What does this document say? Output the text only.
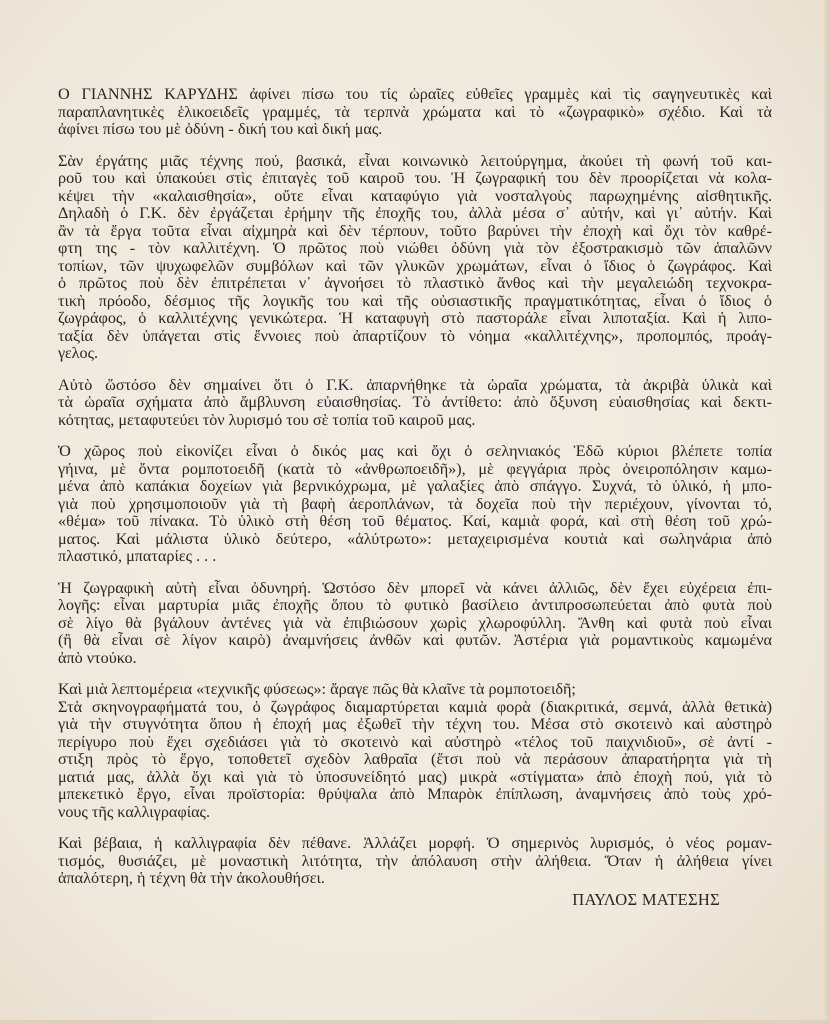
Ο ΓΙΑΝΝΗΣ ΚΑΡΥΔΗΣ ἀφίνει πίσω του τίς ὡραῖες εὐθεῖες γραμμὲς καὶ τὶς σαγηνευτικὲς καὶ
παραπλανητικὲς ἑλικοειδεῖς γραμμές, τὰ τερπνὰ χρώματα καὶ τὸ «ζωγραφικὸ» σχέδιο. Καὶ τὰ
ἀφίνει πίσω του μὲ ὀδύνη - δική του καὶ δική μας.
Σὰν ἐργάτης μιᾶς τέχνης πού, βασικά, εἶναι κοινωνικὸ λειτούργημα, ἀκούει τὴ φωνή τοῦ και-
ροῦ του καὶ ὑπακούει στὶς ἐπιταγὲς τοῦ καιροῦ του. Ἡ ζωγραφική του δὲν προορίζεται νὰ κολα-
κέψει τὴν «καλαισθησία», οὔτε εἶναι καταφύγιο γιὰ νοσταλγοὺς παρωχημένης αἰσθητικῆς.
Δηλαδὴ ὁ Γ.Κ. δὲν ἐργάζεται ἐρήμην τῆς ἐποχῆς του, ἀλλὰ μέσα σ᾽ αὐτήν, καὶ γι᾽ αὐτήν. Καὶ
ἂν τὰ ἔργα τοῦτα εἶναι αἰχμηρὰ καὶ δὲν τέρπουν, τοῦτο βαρύνει τὴν ἐποχὴ καὶ ὄχι τὸν καθρέ-
φτη της - τὸν καλλιτέχνη. Ὁ πρῶτος ποὺ νιώθει ὀδύνη γιὰ τὸν ἐξοστρακισμὸ τῶν ἁπαλῶνν
τοπίων, τῶν ψυχωφελῶν συμβόλων καὶ τῶν γλυκῶν χρωμάτων, εἶναι ὁ ἴδιος ὁ ζωγράφος. Καὶ
ὁ πρῶτος ποὺ δὲν ἐπιτρέπεται ν᾽ ἀγνοήσει τὸ πλαστικὸ ἄνθος καὶ τὴν μεγαλειώδη τεχνοκρα-
τικὴ πρόοδο, δέσμιος τῆς λογικῆς του καὶ τῆς οὐσιαστικῆς πραγματικότητας, εἶναι ὁ ἴδιος ὁ
ζωγράφος, ὁ καλλιτέχνης γενικώτερα. Ἡ καταφυγὴ στὸ παστοράλε εἶναι λιποταξία. Καὶ ἡ λιπο-
ταξία δὲν ὑπάγεται στὶς ἔννοιες ποὺ ἀπαρτίζουν τὸ νόημα «καλλιτέχνης», προπομπός, προάγ-
γελος.
Αὐτὸ ὥστόσο δὲν σημαίνει ὅτι ὁ Γ.Κ. ἀπαρνήθηκε τὰ ὡραῖα χρώματα, τὰ ἀκριβὰ ὑλικὰ καὶ
τὰ ὡραῖα σχήματα ἀπὸ ἄμβλυνση εὐαισθησίας. Τὸ ἀντίθετο: ἀπὸ ὄξυνση εὐαισθησίας καὶ δεκτι-
κότητας, μεταφυτεύει τὸν λυρισμό του σὲ τοπία τοῦ καιροῦ μας.
Ὁ χῶρος ποὺ εἰκονίζει εἶναι ὁ δικός μας καὶ ὄχι ὁ σεληνιακός Ἐδῶ κύριοι βλέπετε τοπία
γήινα, μὲ ὄντα ρομποτοειδῆ (κατὰ τὸ «ἀνθρωποειδῆ»), μὲ φεγγάρια πρὸς ὀνειροπόλησιν καμω-
μένα ἀπὸ καπάκια δοχείων γιὰ βερνικόχρωμα, μὲ γαλαξίες ἀπὸ σπάγγο. Συχνά, τὸ ὑλικό, ἡ μπο-
γιὰ ποὺ χρησιμοποιοῦν γιὰ τὴ βαφὴ ἀεροπλάνων, τὰ δοχεῖα ποὺ τὴν περιέχουν, γίνονται τό,
«θέμα» τοῦ πίνακα. Τὸ ὑλικὸ στὴ θέση τοῦ θέματος. Καί, καμιὰ φορά, καὶ στὴ θέση τοῦ χρώ-
ματος. Καὶ μάλιστα ὑλικὸ δεύτερο, «ἀλύτρωτο»: μεταχειρισμένα κουτιὰ καὶ σωληνάρια ἀπὸ
πλαστικό, μπαταρίες . . .
Ἡ ζωγραφικὴ αὐτὴ εἶναι ὀδυνηρή. Ὡστόσο δὲν μπορεῖ νὰ κάνει ἀλλιῶς, δὲν ἔχει εὐχέρεια ἐπι-
λογῆς: εἶναι μαρτυρία μιᾶς ἐποχῆς ὅπου τὸ φυτικὸ βασίλειο ἀντιπροσωπεύεται ἀπὸ φυτὰ ποὺ
σὲ λίγο θὰ βγάλουν ἀντένες γιὰ νὰ ἐπιβιώσουν χωρὶς χλωροφύλλη. Ἄνθη καὶ φυτὰ ποὺ εἶναι
(ἢ θὰ εἶναι σὲ λίγον καιρὸ) ἀναμνήσεις ἀνθῶν καὶ φυτῶν. Ἀστέρια γιὰ ρομαντικοὺς καμωμένα
ἀπὸ ντούκο.
Καὶ μιὰ λεπτομέρεια «τεχνικῆς φύσεως»: ἄραγε πῶς θὰ κλαῖνε τὰ ρομποτοειδῆ;
Στὰ σκηνογραφήματά του, ὁ ζωγράφος διαμαρτύρεται καμιὰ φορὰ (διακριτικά, σεμνά, ἀλλὰ θετικὰ)
γιὰ τὴν στυγνότητα ὅπου ἡ ἐποχή μας ἐξωθεῖ τὴν τέχνη του. Μέσα στὸ σκοτεινὸ καὶ αὐστηρὸ
περίγυρο ποὺ ἔχει σχεδιάσει γιὰ τὸ σκοτεινὸ καὶ αὐστηρὸ «τέλος τοῦ παιχνιδιοῦ», σὲ ἀντί -
στιξη πρὸς τὸ ἔργο, τοποθετεῖ σχεδὸν λαθραῖα (ἔτσι ποὺ νὰ περάσουν ἀπαρατήρητα γιὰ τὴ
ματιά μας, ἀλλὰ ὄχι καὶ γιὰ τὸ ὑποσυνείδητό μας) μικρὰ «στίγματα» ἀπὸ ἐποχὴ πού, γιὰ τὸ
μπεκετικὸ ἔργο, εἶναι προϊστορία: θρύψαλα ἀπὸ Μπαρὸκ ἐπίπλωση, ἀναμνήσεις ἀπὸ τοὺς χρό-
νους τῆς καλλιγραφίας.
Καὶ βέβαια, ἡ καλλιγραφία δὲν πέθανε. Ἀλλάζει μορφή. Ὁ σημερινὸς λυρισμός, ὁ νέος ρομαν-
τισμός, θυσιάζει, μὲ μοναστικὴ λιτότητα, τὴν ἀπόλαυση στὴν ἀλήθεια. Ὅταν ἡ ἀλήθεια γίνει
ἀπαλότερη, ἡ τέχνη θὰ τὴν ἀκολουθήσει.
ΠΑΥΛΟΣ ΜΑΤΕΣΗΣ
